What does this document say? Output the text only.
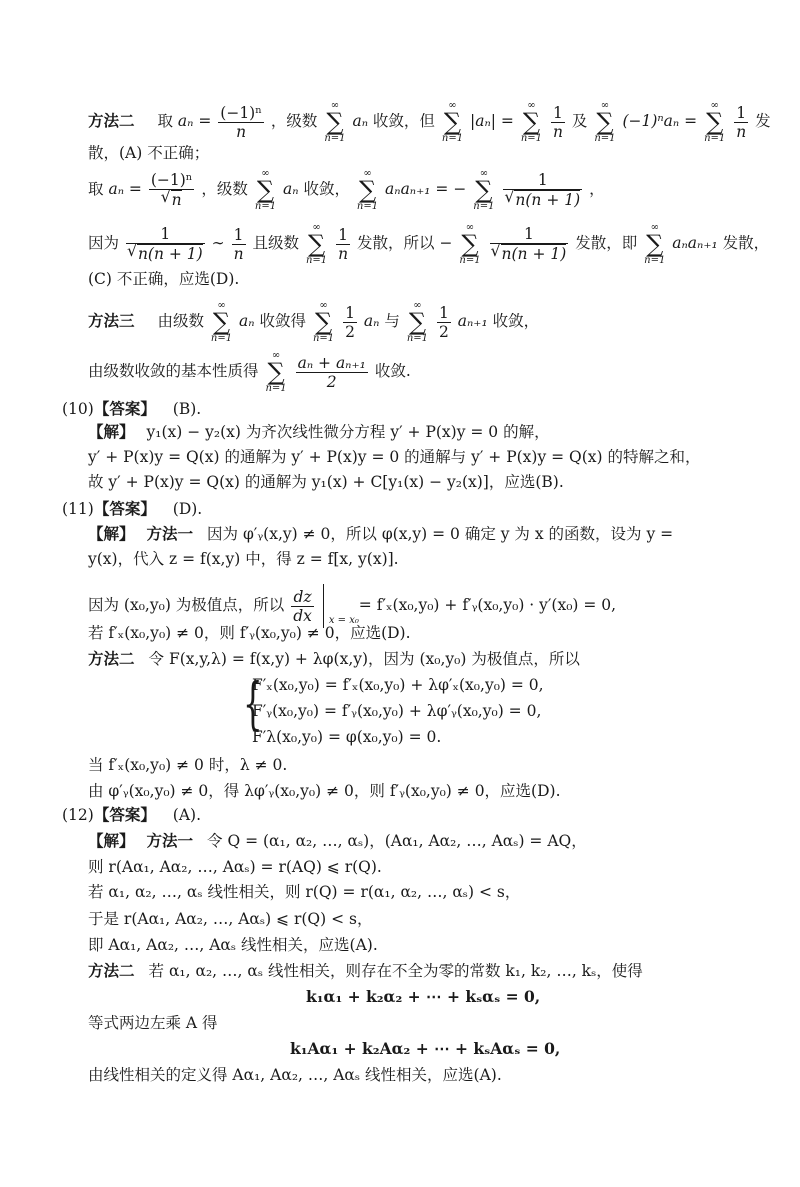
方法二 取 $a_n = \frac{\text{(−1)ⁿ}}{n}$ ，级数
∞
∑
n=1
aₙ 收敛，但
∞
∑
n=1
|aₙ| =
∞
∑
n=1
$\frac{1}{n}$ 及
∞
∑
n=1
(−1)ⁿaₙ =
∞
∑
n=1
$\frac{1}{n}$ 发
散，(A) 不正确；
取 aₙ = (−1)ⁿ
√ n ，级数
∞
∑
n=1
aₙ 收敛，
∞
∑
n=1
aₙaₙ₊₁ = −
∞
∑
n=1
1
√ n(n + 1) ，
因为 1
√ n(n + 1) ∼ $\frac{1}{n}$ 且级数
∞
∑
n=1
$\frac{1}{n}$ 发散，所以 −
∞
∑
n=1
1
√ n(n + 1) 发散，即
∞
∑
n=1
aₙaₙ₊₁ 发散，
(C) 不正确，应选(D).
方法三 由级数
∞
∑
n=1
aₙ 收敛得
∞
∑
n=1
$\frac{1}{2}$ aₙ 与
∞
∑
n=1
$\frac{1}{2} a_{n+1}$ 收敛，
由级数收敛的基本性质得
∞
∑
n=1
$\frac{\text{aₙ + aₙ₊₁}}{2}$ 收敛.
(10)【答案】 (B).
【解】 y₁(x) − y₂(x) 为齐次线性微分方程 y′ + P(x)y = 0 的解，
y′ + P(x)y = Q(x) 的通解为 y′ + P(x)y = 0 的通解与 y′ + P(x)y = Q(x) 的特解之和，
故 y′ + P(x)y = Q(x) 的通解为 y₁(x) + C[y₁(x) − y₂(x)]，应选(B).
(11)【答案】 (D).
【解】 方法一 因为 φ′ᵧ(x,y) ≠ 0，所以 φ(x,y) = 0 确定 y 为 x 的函数，设为 y =
y(x)，代入 z = f(x,y) 中，得 z = f[x, y(x)].
因为 (x₀,y₀) 为极值点，所以 $\frac{dz}{dx}$
x = x₀
= f′ₓ(x₀,y₀) + f′ᵧ(x₀,y₀) · y′(x₀) = 0,
若 f′ₓ(x₀,y₀) ≠ 0，则 f′ᵧ(x₀,y₀) ≠ 0，应选(D).
方法二 令 F(x,y,λ) = f(x,y) + λφ(x,y)，因为 (x₀,y₀) 为极值点，所以
{
F′ₓ(x₀,y₀) = f′ₓ(x₀,y₀) + λφ′ₓ(x₀,y₀) = 0,
F′ᵧ(x₀,y₀) = f′ᵧ(x₀,y₀) + λφ′ᵧ(x₀,y₀) = 0,
F′λ(x₀,y₀) = φ(x₀,y₀) = 0.
当 f′ₓ(x₀,y₀) ≠ 0 时，λ ≠ 0.
由 φ′ᵧ(x₀,y₀) ≠ 0，得 λφ′ᵧ(x₀,y₀) ≠ 0，则 f′ᵧ(x₀,y₀) ≠ 0，应选(D).
(12)【答案】 (A).
【解】 方法一 令 Q = (α₁, α₂, …, αₛ)，(Aα₁, Aα₂, …, Aαₛ) = AQ，
则 r(Aα₁, Aα₂, …, Aαₛ) = r(AQ) ⩽ r(Q).
若 α₁, α₂, …, αₛ 线性相关，则 r(Q) = r(α₁, α₂, …, αₛ) < s，
于是 r(Aα₁, Aα₂, …, Aαₛ) ⩽ r(Q) < s，
即 Aα₁, Aα₂, …, Aαₛ 线性相关，应选(A).
方法二 若 α₁, α₂, …, αₛ 线性相关，则存在不全为零的常数 k₁, k₂, …, kₛ，使得
k₁α₁ + k₂α₂ + ⋯ + kₛαₛ = 0,
等式两边左乘 A 得
k₁Aα₁ + k₂Aα₂ + ⋯ + kₛAαₛ = 0,
由线性相关的定义得 Aα₁, Aα₂, …, Aαₛ 线性相关，应选(A).
